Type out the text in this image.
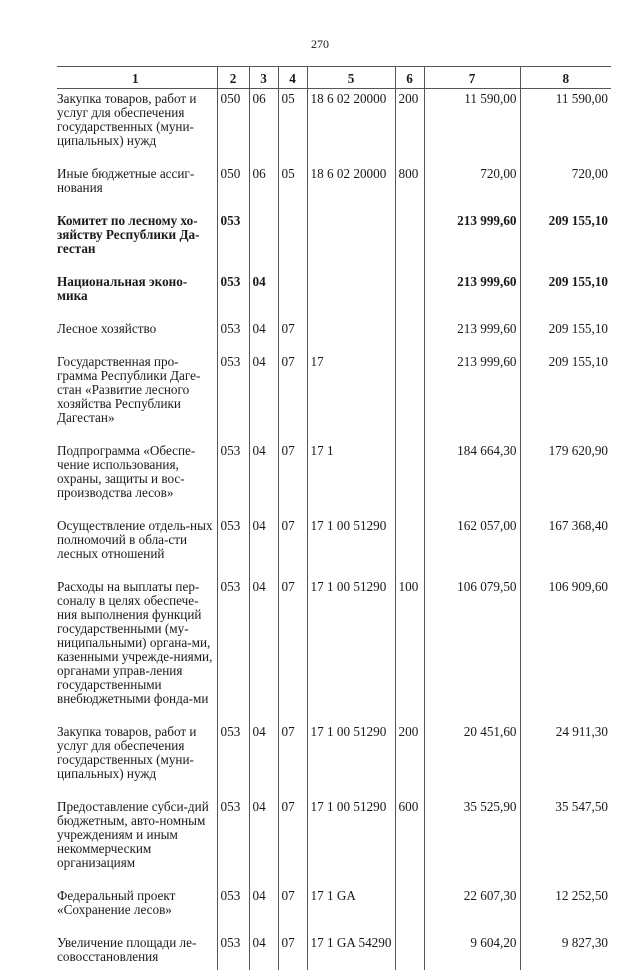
270
1	2	3	4	5	6	7	8
Закупка товаров, работ и услуг для обеспечения государственных (муни-ципальных) нужд	050	06	05	18 6 02 20000	200	11 590,00	11 590,00
Иные бюджетные ассиг-нования	050	06	05	18 6 02 20000	800	720,00	720,00
Комитет по лесному хо-зяйству Республики Да-гестан	053					213 999,60	209 155,10
Национальная эконо-мика	053	04				213 999,60	209 155,10
Лесное хозяйство	053	04	07			213 999,60	209 155,10
Государственная про-грамма Республики Даге-стан «Развитие лесного хозяйства Республики Дагестан»	053	04	07	17		213 999,60	209 155,10
Подпрограмма «Обеспе-чение использования, охраны, защиты и вос-производства лесов»	053	04	07	17 1		184 664,30	179 620,90
Осуществление отдель-ных полномочий в обла-сти лесных отношений	053	04	07	17 1 00 51290		162 057,00	167 368,40
Расходы на выплаты пер-соналу в целях обеспече-ния выполнения функций государственными (му-ниципальными) органа-ми, казенными учрежде-ниями, органами управ-ления государственными внебюджетными фонда-ми	053	04	07	17 1 00 51290	100	106 079,50	106 909,60
Закупка товаров, работ и услуг для обеспечения государственных (муни-ципальных) нужд	053	04	07	17 1 00 51290	200	20 451,60	24 911,30
Предоставление субси-дий бюджетным, авто-номным учреждениям и иным некоммерческим организациям	053	04	07	17 1 00 51290	600	35 525,90	35 547,50
Федеральный проект «Сохранение лесов»	053	04	07	17 1 GA		22 607,30	12 252,50
Увеличение площади ле-совосстановления	053	04	07	17 1 GA 54290		9 604,20	9 827,30
